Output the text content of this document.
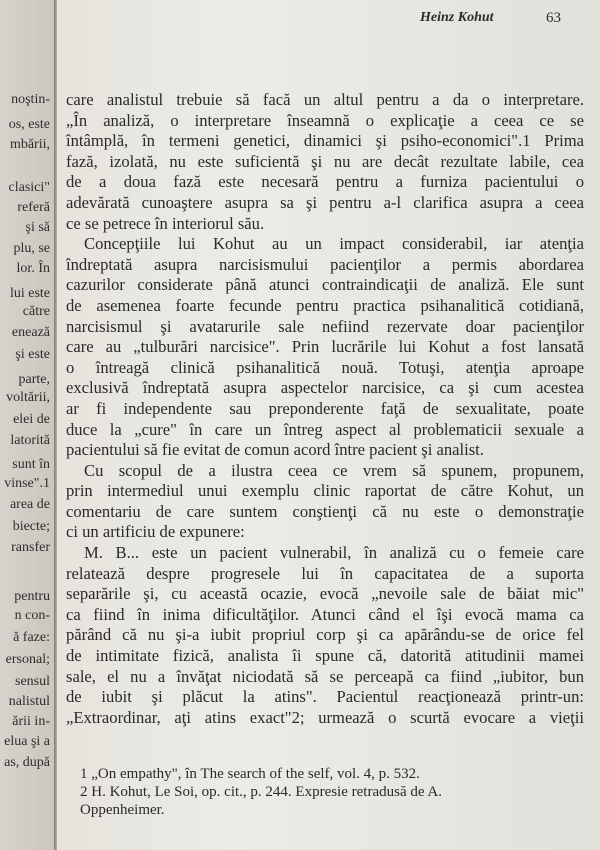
noştin-
os, este
mbării,
clasici"
referă
şi să
plu, se
lor. În
lui este
către
enează
şi este
parte,
voltării,
elei de
latorită
sunt în
vinse".1
area de
biecte;
ransfer
pentru
n con-
ă faze:
ersonal;
sensul
nalistul
ării in-
elua şi a
as, după
Heinz Kohut	63
care analistul trebuie să facă un altul pentru a da o interpretare.
„În analiză, o interpretare înseamnă o explicaţie a ceea ce se
întâmplă, în termeni genetici, dinamici şi psiho-economici".1 Prima
fază, izolată, nu este suficientă şi nu are decât rezultate labile, cea
de a doua fază este necesară pentru a furniza pacientului o
adevărată cunoaştere asupra sa şi pentru a-l clarifica asupra a ceea
ce se petrece în interiorul său.
Concepţiile lui Kohut au un impact considerabil, iar atenţia
îndreptată asupra narcisismului pacienţilor a permis abordarea
cazurilor considerate până atunci contraindicaţii de analiză. Ele sunt
de asemenea foarte fecunde pentru practica psihanalitică cotidiană,
narcisismul şi avatarurile sale nefiind rezervate doar pacienţilor
care au „tulburări narcisice". Prin lucrările lui Kohut a fost lansată
o întreagă clinică psihanalitică nouă. Totuşi, atenţia aproape
exclusivă îndreptată asupra aspectelor narcisice, ca şi cum acestea
ar fi independente sau preponderente faţă de sexualitate, poate
duce la „cure" în care un întreg aspect al problematicii sexuale a
pacientului să fie evitat de comun acord între pacient şi analist.
Cu scopul de a ilustra ceea ce vrem să spunem, propunem,
prin intermediul unui exemplu clinic raportat de către Kohut, un
comentariu de care suntem conştienţi că nu este o demonstraţie
ci un artificiu de expunere:
M. B... este un pacient vulnerabil, în analiză cu o femeie care
relatează despre progresele lui în capacitatea de a suporta
separările şi, cu această ocazie, evocă „nevoile sale de băiat mic"
ca fiind în inima dificultăţilor. Atunci când el îşi evocă mama ca
părând că nu şi-a iubit propriul corp şi ca apărându-se de orice fel
de intimitate fizică, analista îi spune că, datorită atitudinii mamei
sale, el nu a învăţat niciodată să se perceapă ca fiind „iubitor, bun
de iubit şi plăcut la atins". Pacientul reacţionează printr-un:
„Extraordinar, aţi atins exact"2; urmează o scurtă evocare a vieţii
1 „On empathy", în The search of the self, vol. 4, p. 532.
2 H. Kohut, Le Soi, op. cit., p. 244. Expresie retradusă de A.
Oppenheimer.
